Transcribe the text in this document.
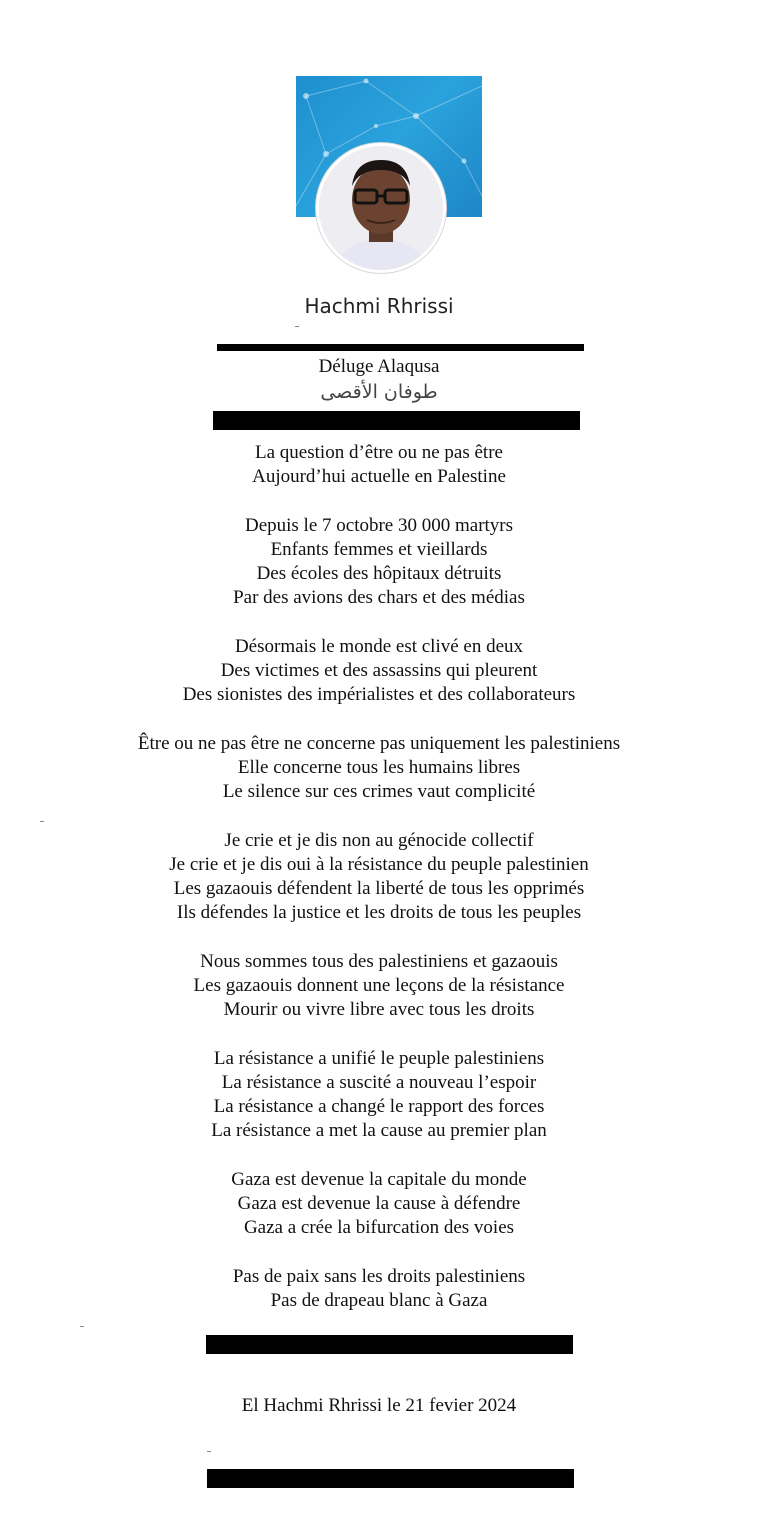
Hachmi Rhrissi
Déluge Alaqusa
طوفان الأقصى
La question d’être ou ne pas être
Aujourd’hui actuelle en Palestine
Depuis le 7 octobre 30 000 martyrs
Enfants femmes et vieillards
Des écoles des hôpitaux détruits
Par des avions des chars et des médias
Désormais le monde est clivé en deux
Des victimes et des assassins qui pleurent
Des sionistes des impérialistes et des collaborateurs
Être ou ne pas être ne concerne pas uniquement les palestiniens
Elle concerne tous les humains libres
Le silence sur ces crimes vaut complicité
Je crie et je dis non au génocide collectif
Je crie et je dis oui à la résistance du peuple palestinien
Les gazaouis défendent la liberté de tous les opprimés
Ils défendes la justice et les droits de tous les peuples
Nous sommes tous des palestiniens et gazaouis
Les gazaouis donnent une leçons de la résistance
Mourir ou vivre libre avec tous les droits
La résistance a unifié le peuple palestiniens
La résistance a suscité a nouveau l’espoir
La résistance a changé le rapport des forces
La résistance a met la cause au premier plan
Gaza est devenue la capitale du monde
Gaza est devenue la cause à défendre
Gaza a crée la bifurcation des voies
Pas de paix sans les droits palestiniens
Pas de drapeau blanc à Gaza
El Hachmi Rhrissi le 21 fevier 2024
